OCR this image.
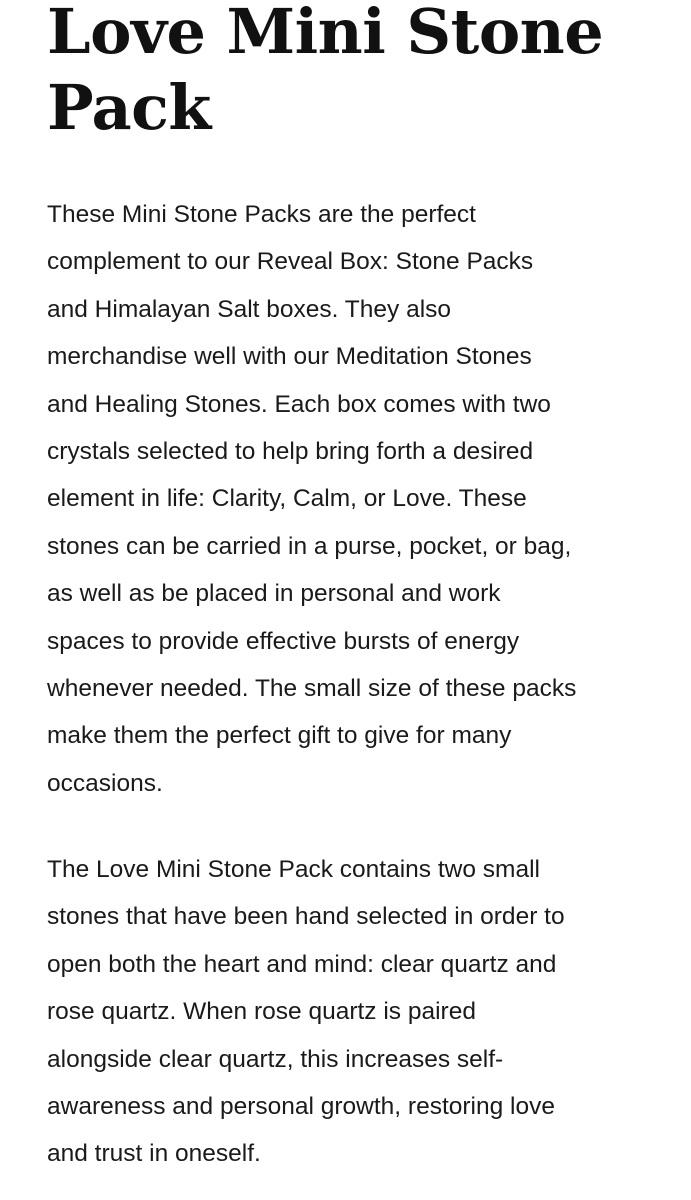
Love Mini Stone Pack

These Mini Stone Packs are the perfect complement to our Reveal Box: Stone Packs and Himalayan Salt boxes. They also merchandise well with our Meditation Stones and Healing Stones. Each box comes with two crystals selected to help bring forth a desired element in life: Clarity, Calm, or Love. These stones can be carried in a purse, pocket, or bag, as well as be placed in personal and work spaces to provide effective bursts of energy whenever needed. The small size of these packs make them the perfect gift to give for many occasions.

The Love Mini Stone Pack contains two small stones that have been hand selected in order to open both the heart and mind: clear quartz and rose quartz. When rose quartz is paired alongside clear quartz, this increases self-awareness and personal growth, restoring love and trust in oneself.
